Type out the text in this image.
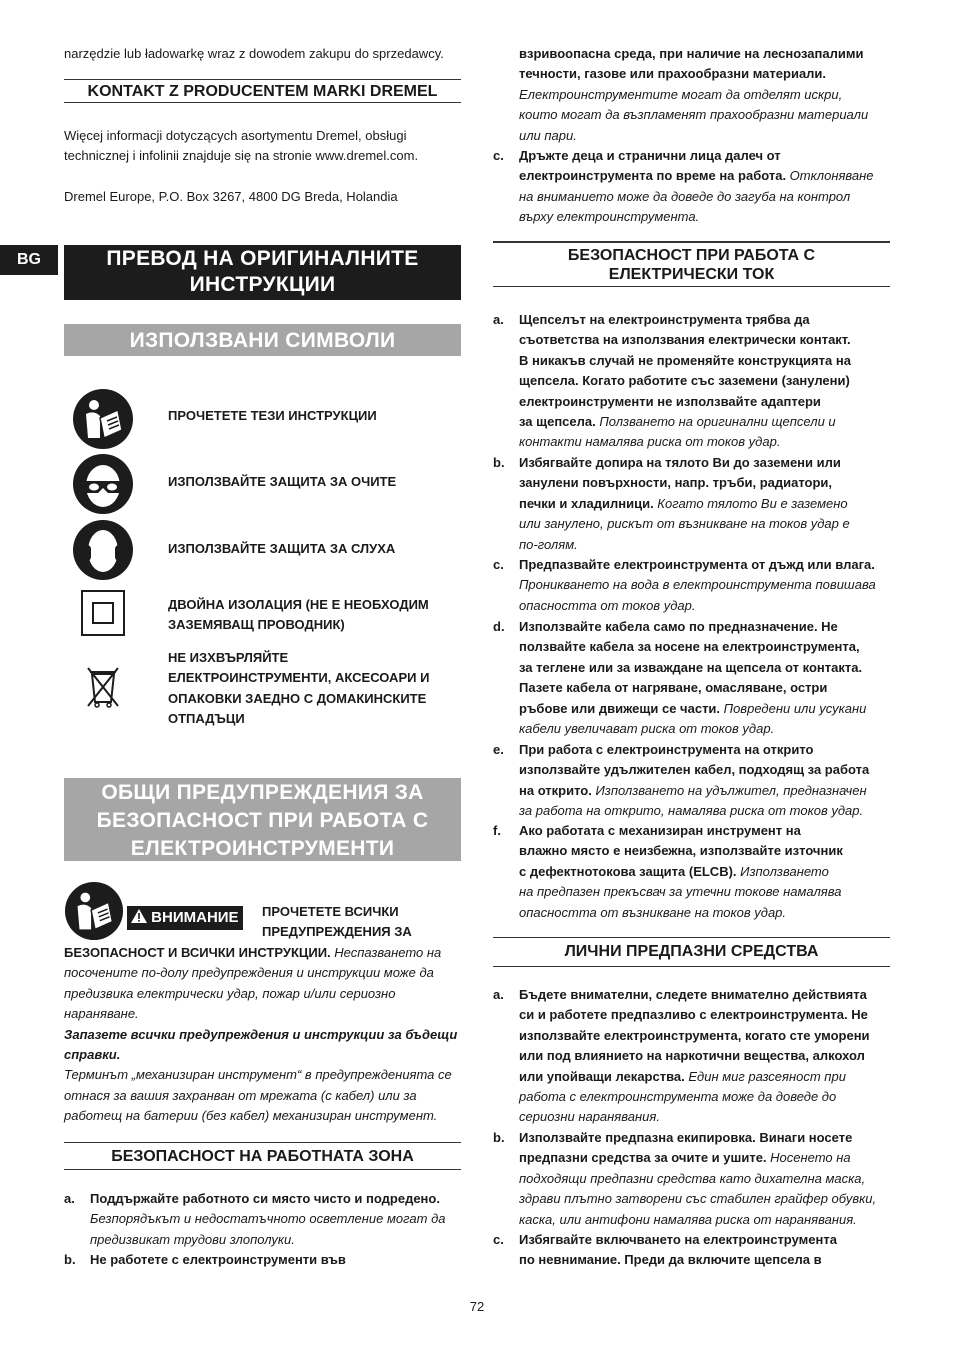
BG

narzędzie lub ładowarkę wraz z dowodem zakupu do sprzedawcy.

KONTAKT Z PRODUCENTEM MARKI DREMEL

Więcej informacji dotyczących asortymentu Dremel, obsługi

technicznej i infolinii znajduje się na stronie www.dremel.com.

Dremel Europe, P.O. Box 3267, 4800 DG Breda, Holandia

ПРЕВОД НА ОРИГИНАЛНИТЕ
ИНСТРУКЦИИ
ИЗПОЛЗВАНИ СИМВОЛИ
ПРОЧЕТЕТЕ ТЕЗИ ИНСТРУКЦИИ
ИЗПОЛЗВАЙТЕ ЗАЩИТА ЗА ОЧИТЕ
ИЗПОЛЗВАЙТЕ ЗАЩИТА ЗА СЛУХА
ДВОЙНА ИЗОЛАЦИЯ (НЕ Е НЕОБХОДИМ
ЗАЗЕМЯВАЩ ПРОВОДНИК)
НЕ ИЗХВЪРЛЯЙТЕ
ЕЛЕКТРОИНСТРУМЕНТИ, АКСЕСОАРИ И
ОПАКОВКИ ЗАЕДНО С ДОМАКИНСКИТЕ
ОТПАДЪЦИ
ОБЩИ ПРЕДУПРЕЖДЕНИЯ ЗА
БЕЗОПАСНОСТ ПРИ РАБОТА С
ЕЛЕКТРОИНСТРУМЕНТИ
ВНИМАНИЕ	ПРОЧЕТЕТЕ ВСИЧКИ
ПРЕДУПРЕЖДЕНИЯ ЗА

БЕЗОПАСНОСТ И ВСИЧКИ ИНСТРУКЦИИ. Неспазването на

посочените по-долу предупреждения и инструкции може да

предизвика електрически удар, пожар и/или сериозно

нараняване.

Запазете всички предупреждения и инструкции за бъдещи

справки.

Терминът „механизиран инструмент“ в предупрежденията се

отнася за вашия захранван от мрежата (с кабел) или за

работещ на батерии (без кабел) механизиран инструмент.

БЕЗОПАСНОСТ НА РАБОТНАТА ЗОНА
a. Поддържайте работното си място чисто и подредено.

Безпорядъкът и недостатъчното осветление могат да

предизвикат трудови злополуки.

b. Не работете с електроинструменти във

взривоопасна среда, при наличие на леснозапалими

течности, газове или прахообразни материали.

Електроинструментите могат да отделят искри,

които могат да възпламенят прахообразни материали

или пари.

c. Дръжте деца и странични лица далеч от

електроинструмента по време на работа. Отклоняване

на вниманието може да доведе до загуба на контрол

върху електроинструмента.

БЕЗОПАСНОСТ ПРИ РАБОТА С
ЕЛЕКТРИЧЕСКИ ТОК
a. Щепселът на електроинструмента трябва да

съответства на използвания електрически контакт.

В никакъв случай не променяйте конструкцията на

щепсела. Когато работите със заземени (занулени)

електроинструменти не използвайте адаптери

за щепсела. Ползването на оригинални щепсели и

контакти намалява риска от токов удар.

b. Избягвайте допира на тялото Ви до заземени или

занулени повърхности, напр. тръби, радиатори,

печки и хладилници. Когато тялото Ви е заземено

или занулено, рискът от възникване на токов удар е

по-голям.

c. Предпазвайте електроинструмента от дъжд или влага.

Проникването на вода в електроинструмента повишава

опасността от токов удар.

d. Използвайте кабела само по предназначение. Не

ползвайте кабела за носене на електроинструмента,

за теглене или за изваждане на щепсела от контакта.

Пазете кабела от нагряване, омасляване, остри

ръбове или движещи се части. Повредени или усукани

кабели увеличават риска от токов удар.

e. При работа с електроинструмента на открито

използвайте удължителен кабел, подходящ за работа

на открито. Използването на удължител, предназначен

за работа на открито, намалява риска от токов удар.

f. Ако работата с механизиран инструмент на

влажно място е неизбежна, използвайте източник

с дефектнотокова защита (ELCB). Използването

на предпазен прекъсвач за утечни токове намалява

опасността от възникване на токов удар.

ЛИЧНИ ПРЕДПАЗНИ СРЕДСТВА
a. Бъдете внимателни, следете внимателно действията

си и работете предпазливо с електроинструмента. Не

използвайте електроинструмента, когато сте уморени

или под влиянието на наркотични вещества, алкохол

или упойващи лекарства. Един миг разсеяност при

работа с електроинструмента може да доведе до

сериозни наранявания.

b. Използвайте предпазна екипировка. Винаги носете

предпазни средства за очите и ушите. Носенето на

подходящи предпазни средства като дихателна маска,

здрави плътно затворени със стабилен грайфер обувки,

каска, или антифони намалява риска от наранявания.

c. Избягвайте включването на електроинструмента

по невнимание. Преди да включите щепсела в

72
